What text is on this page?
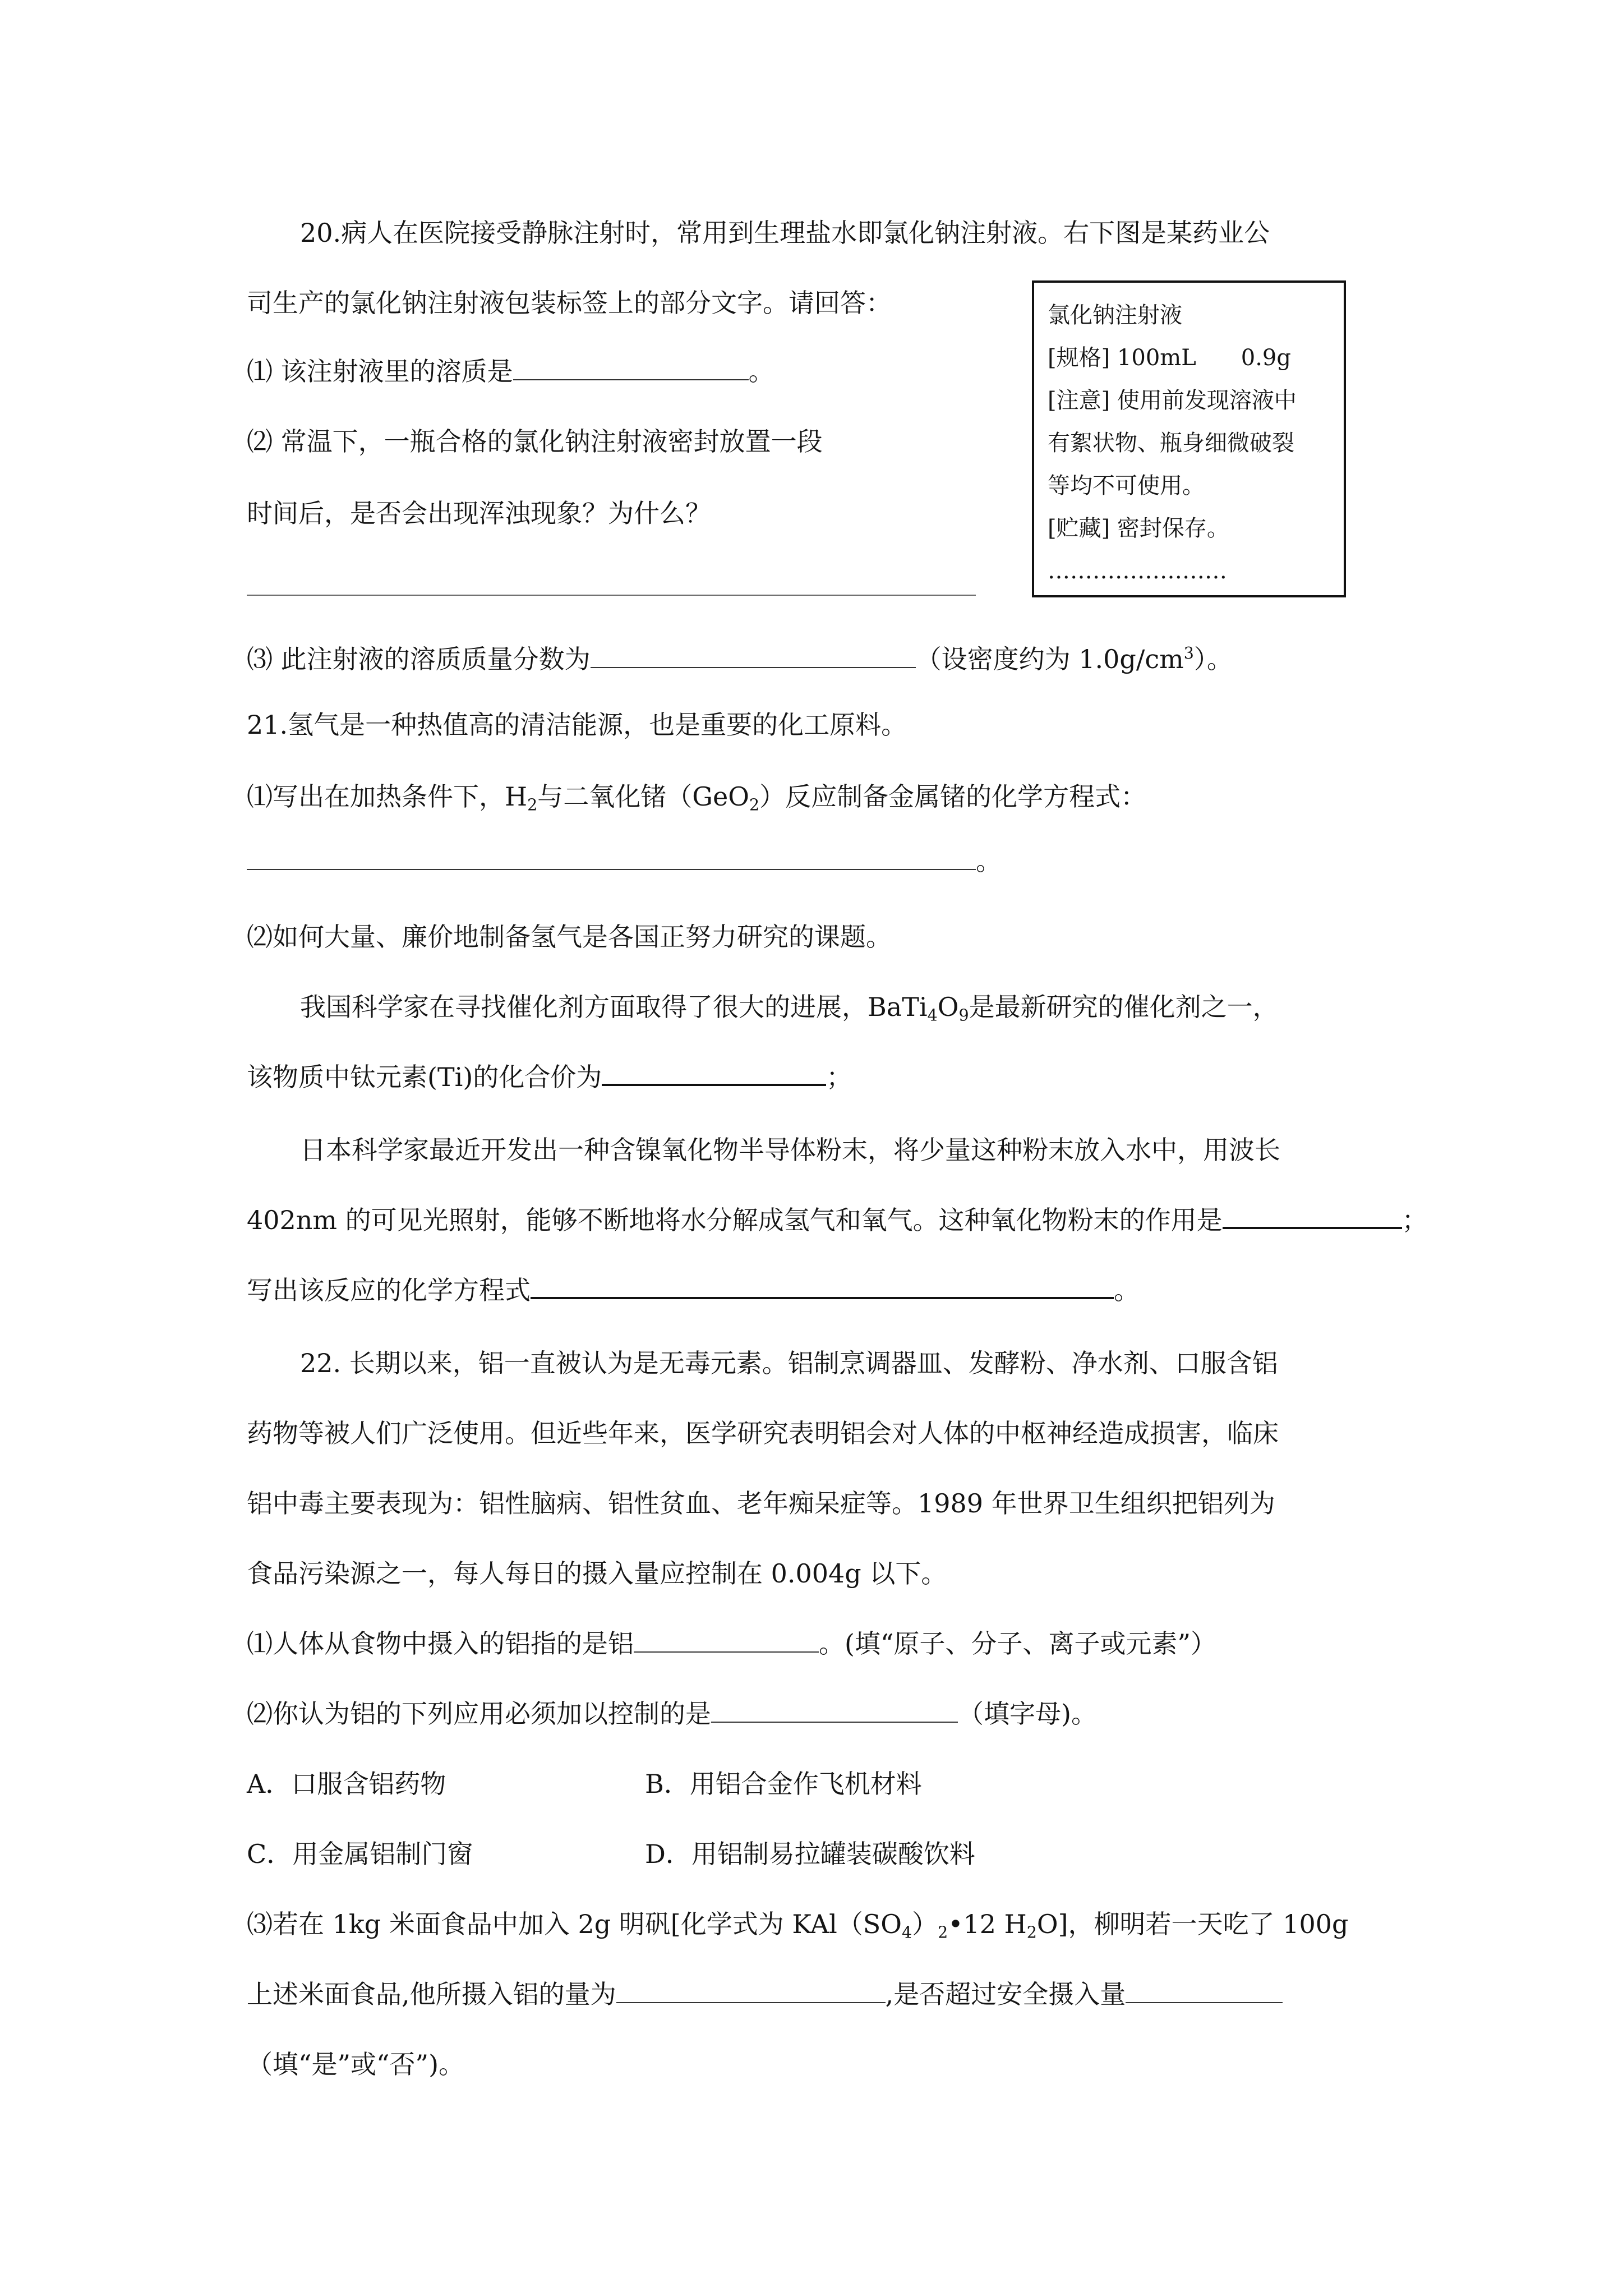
20.病人在医院接受静脉注射时，常用到生理盐水即氯化钠注射液。右下图是某药业公
司生产的氯化钠注射液包装标签上的部分文字。请回答：
⑴ 该注射液里的溶质是	。
⑵ 常温下，一瓶合格的氯化钠注射液密封放置一段
时间后，是否会出现浑浊现象？为什么？
氯化钠注射液
[规格] 100mL　　0.9g
[注意] 使用前发现溶液中
有絮状物、瓶身细微破裂
等均不可使用。
[贮藏] 密封保存。
……………………
⑶ 此注射液的溶质质量分数为	（设密度约为 $1.0g/cm^3$）。
21.氢气是一种热值高的清洁能源，也是重要的化工原料。
⑴写出在加热条件下，$H_2$与二氧化锗（GeO$_2$）反应制备金属锗的化学方程式：
。
⑵如何大量、廉价地制备氢气是各国正努力研究的课题。
我国科学家在寻找催化剂方面取得了很大的进展，$BaTi_4O_9$是最新研究的催化剂之一，
该物质中钛元素(Ti)的化合价为	；
日本科学家最近开发出一种含镍氧化物半导体粉末，将少量这种粉末放入水中，用波长
402nm 的可见光照射，能够不断地将水分解成氢气和氧气。这种氧化物粉末的作用是	；
写出该反应的化学方程式	。
22. 长期以来，铝一直被认为是无毒元素。铝制烹调器皿、发酵粉、净水剂、口服含铝
药物等被人们广泛使用。但近些年来，医学研究表明铝会对人体的中枢神经造成损害，临床
铝中毒主要表现为：铝性脑病、铝性贫血、老年痴呆症等。1989 年世界卫生组织把铝列为
食品污染源之一，每人每日的摄入量应控制在 0.004g 以下。
⑴人体从食物中摄入的铝指的是铝	。(填“原子、分子、离子或元素”）
⑵你认为铝的下列应用必须加以控制的是	（填字母)。
A．口服含铝药物	B．用铝合金作飞机材料
C．用金属铝制门窗	D．用铝制易拉罐装碳酸饮料
⑶若在 1kg 米面食品中加入 2g 明矾[化学式为 $KAl(SO_4)_2•12$ $H_2O$]，柳明若一天吃了 100g
上述米面食品,他所摄入铝的量为	,是否超过安全摄入量
（填“是”或“否”)。
